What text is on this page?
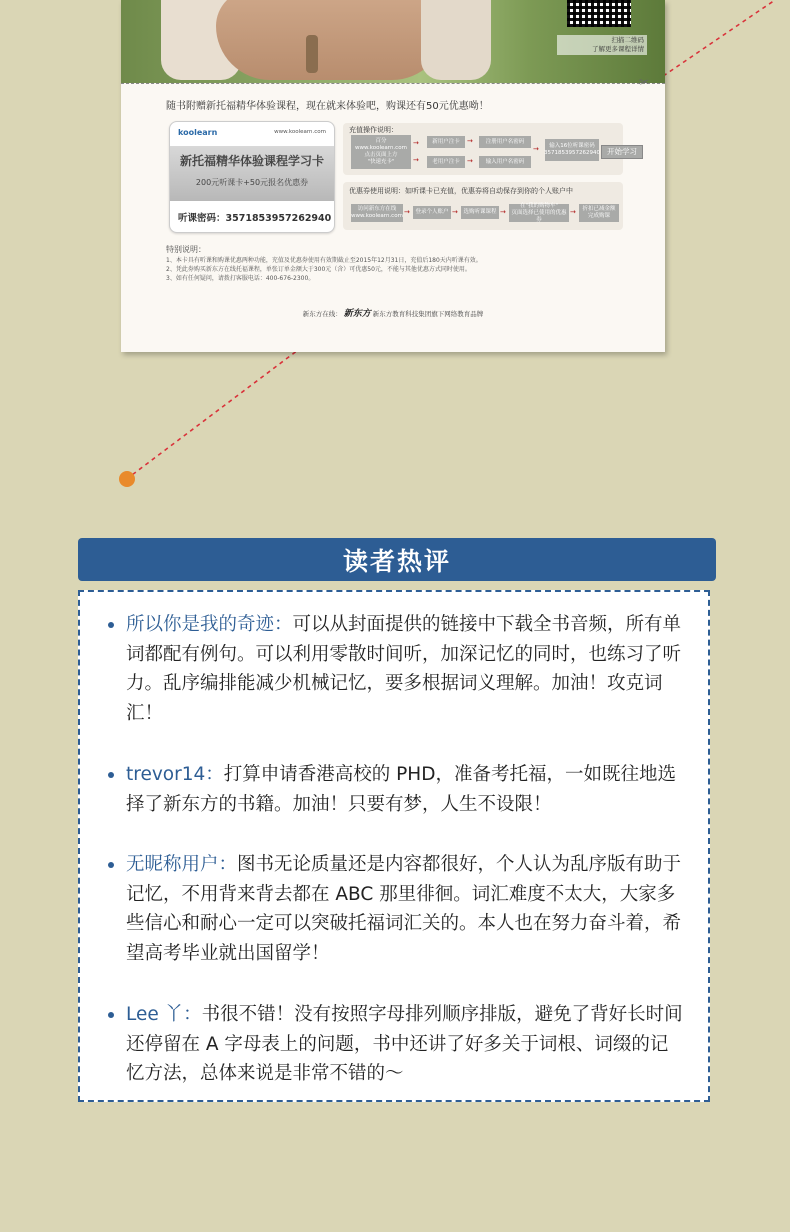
扫描二维码
了解更多课程详情
✂
随书附赠新托福精华体验课程，现在就来体验吧，购课还有50元优惠呦！
koolearn	www.koolearn.com
新托福精华体验课程学习卡
200元听课卡+50元报名优惠券
听课密码：3571853957262940
充值操作说明：
百分
www.koolearn.com
点击页面上方
"快速充卡"
→
→
新用户注卡
老用户注卡
→
→
注册用户名密码
输入用户名密码
→	输入16位听课密码
3571853957262940 开始学习
优惠券使用说明：如听课卡已充值，优惠券将自动保存到你的个人账户中
访问新东方在线
www.koolearn.com →	登录个人账户 →	选购听课课程 →
在"我的购物车"
页面选择已使用的优惠券
→	折扣已减金额
完成购课
特别说明：
1、本卡具有听课和购课优惠两种功能，充值及优惠券使用有效期截止至2015年12月31日，充值后180天内听课有效。
2、凭此券购买新东方在线托福课程，单张订单金额大于300元（含）可优惠50元，不能与其他优惠方式同时使用。
3、如有任何疑问，请拨打客服电话：400-676-2300。
新东方在线： 新东方 新东方教育科技集团旗下网络教育品牌
读者热评
所以你是我的奇迹：可以从封面提供的链接中下载全书音频，所有单词都配有例句。可以利用零散时间听，加深记忆的同时，也练习了听力。乱序编排能减少机械记忆，要多根据词义理解。加油！攻克词汇！
trevor14：打算申请香港高校的 PHD，准备考托福，一如既往地选择了新东方的书籍。加油！只要有梦，人生不设限！
无昵称用户：图书无论质量还是内容都很好，个人认为乱序版有助于记忆，不用背来背去都在 ABC 那里徘徊。词汇难度不太大，大家多些信心和耐心一定可以突破托福词汇关的。本人也在努力奋斗着，希望高考毕业就出国留学！
Lee 丫：书很不错！没有按照字母排列顺序排版，避免了背好长时间还停留在 A 字母表上的问题，书中还讲了好多关于词根、词缀的记忆方法，总体来说是非常不错的～
